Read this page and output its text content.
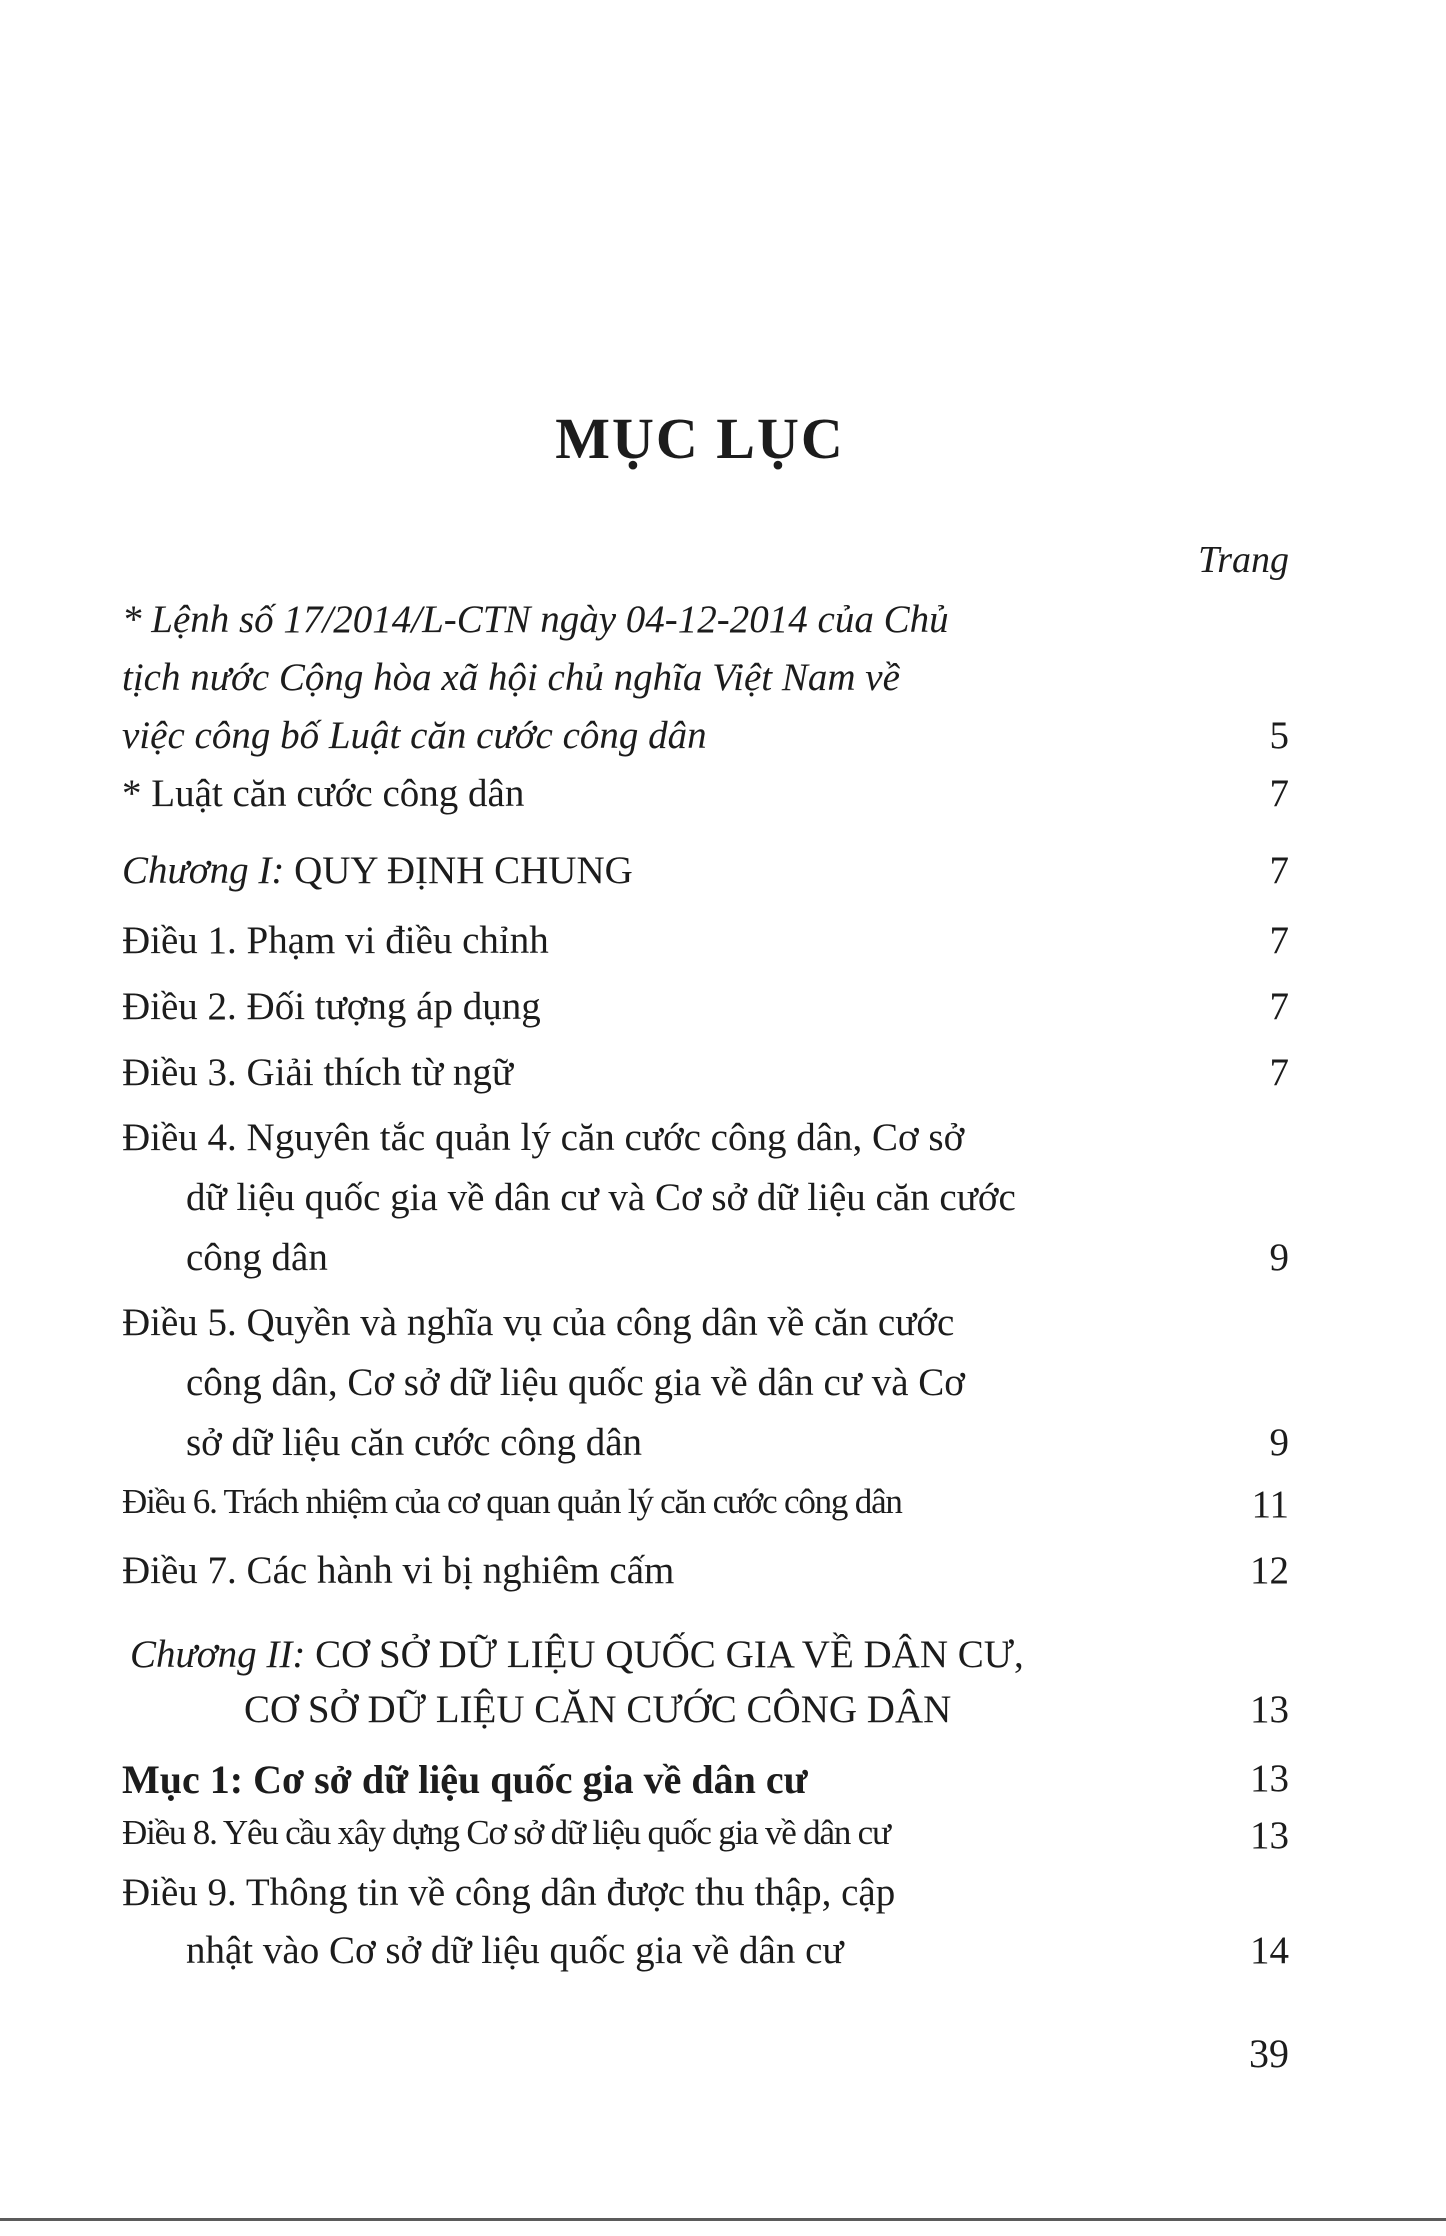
MỤC LỤC
Trang
* Lệnh số 17/2014/L-CTN ngày 04-12-2014 của Chủ
tịch nước Cộng hòa xã hội chủ nghĩa Việt Nam về
việc công bố Luật căn cước công dân	5
* Luật căn cước công dân	7
Chương I: QUY ĐỊNH CHUNG	7
Điều 1. Phạm vi điều chỉnh	7
Điều 2. Đối tượng áp dụng	7
Điều 3. Giải thích từ ngữ	7
Điều 4. Nguyên tắc quản lý căn cước công dân, Cơ sở
dữ liệu quốc gia về dân cư và Cơ sở dữ liệu căn cước
công dân	9
Điều 5. Quyền và nghĩa vụ của công dân về căn cước
công dân, Cơ sở dữ liệu quốc gia về dân cư và Cơ
sở dữ liệu căn cước công dân	9
Điều 6. Trách nhiệm của cơ quan quản lý căn cước công dân	11
Điều 7. Các hành vi bị nghiêm cấm	12
Chương II: CƠ SỞ DỮ LIỆU QUỐC GIA VỀ DÂN CƯ,
CƠ SỞ DỮ LIỆU CĂN CƯỚC CÔNG DÂN	13
Mục 1: Cơ sở dữ liệu quốc gia về dân cư	13
Điều 8. Yêu cầu xây dựng Cơ sở dữ liệu quốc gia về dân cư	13
Điều 9. Thông tin về công dân được thu thập, cập
nhật vào Cơ sở dữ liệu quốc gia về dân cư	14
39
